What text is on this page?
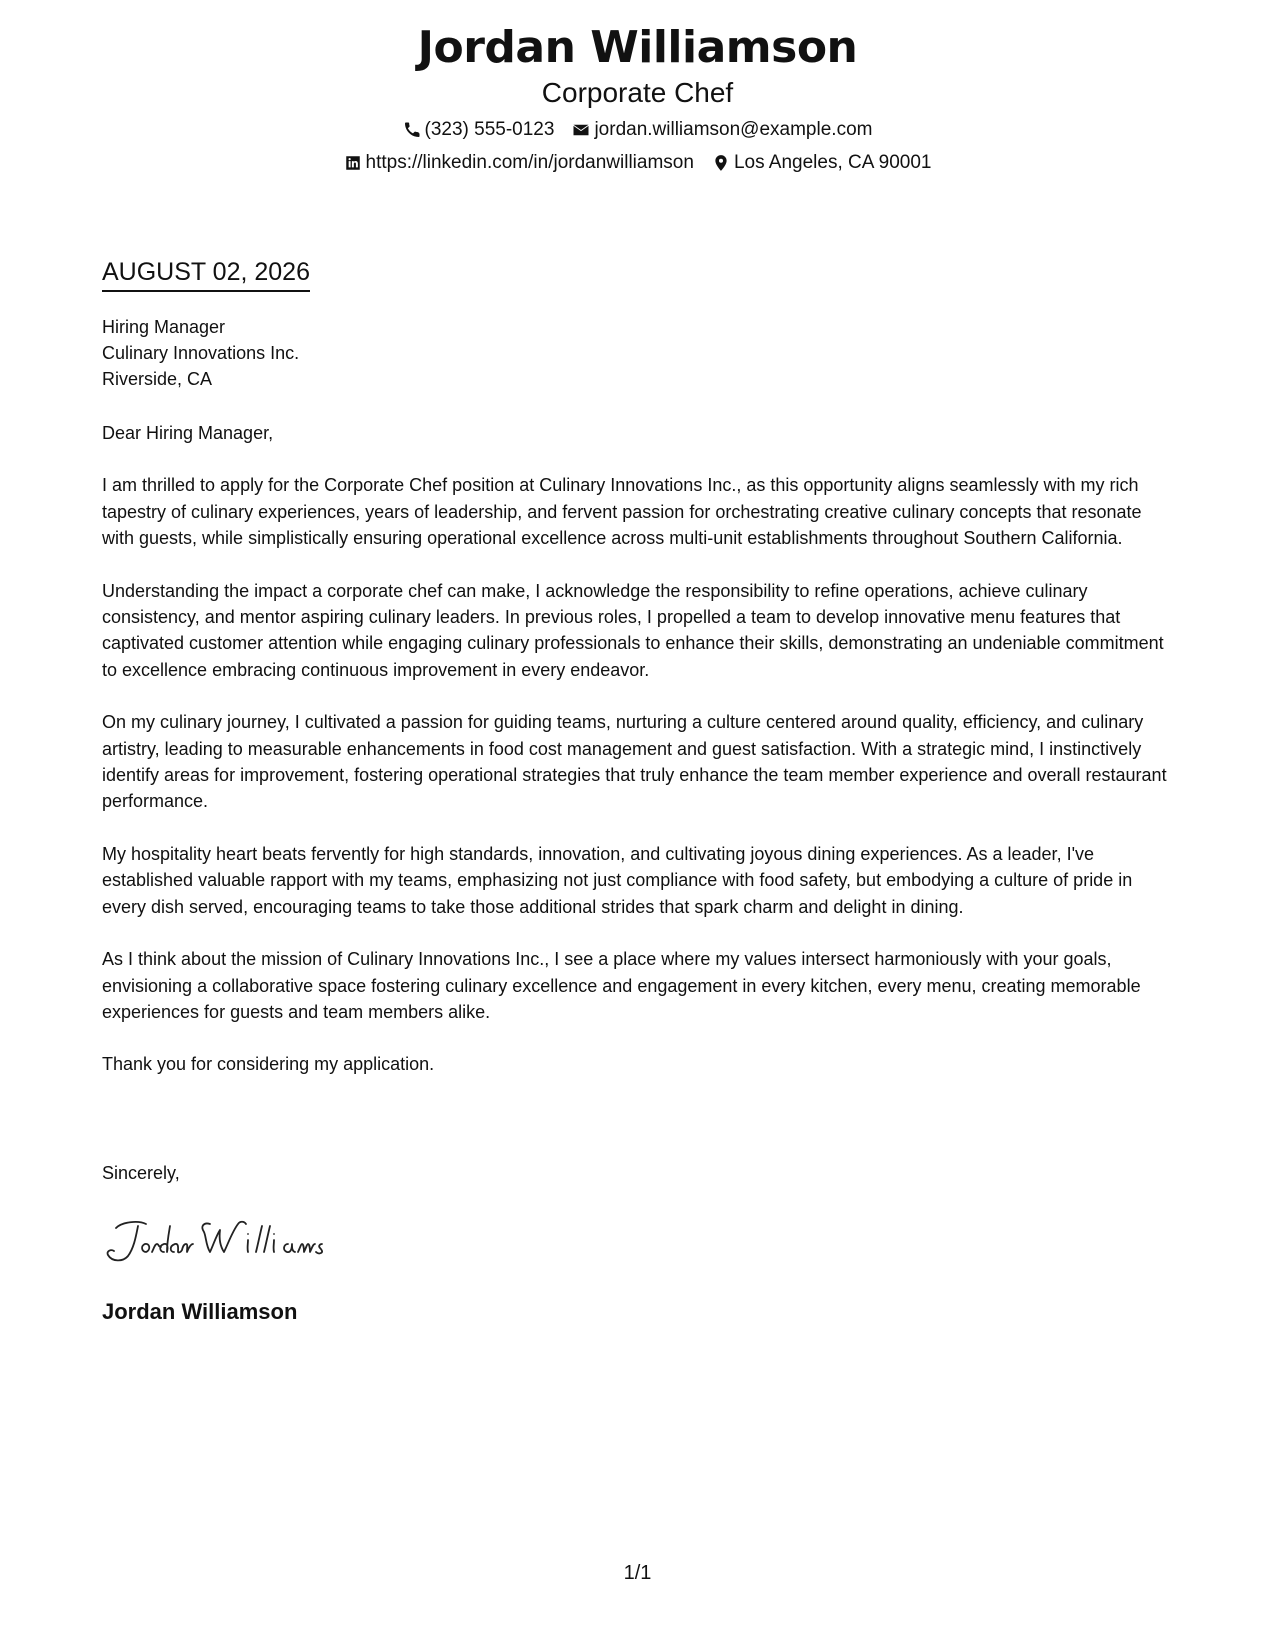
Jordan Williamson
Corporate Chef
(323) 555-0123 jordan.williamson@example.com
https://linkedin.com/in/jordanwilliamson Los Angeles, CA 90001
AUGUST 02, 2026
Hiring Manager
Culinary Innovations Inc.
Riverside, CA

Dear Hiring Manager,

I am thrilled to apply for the Corporate Chef position at Culinary Innovations Inc., as this opportunity aligns seamlessly with my rich tapestry of culinary experiences, years of leadership, and fervent passion for orchestrating creative culinary concepts that resonate with guests, while simplistically ensuring operational excellence across multi-unit establishments throughout Southern California.

Understanding the impact a corporate chef can make, I acknowledge the responsibility to refine operations, achieve culinary consistency, and mentor aspiring culinary leaders. In previous roles, I propelled a team to develop innovative menu features that captivated customer attention while engaging culinary professionals to enhance their skills, demonstrating an undeniable commitment to excellence embracing continuous improvement in every endeavor.

On my culinary journey, I cultivated a passion for guiding teams, nurturing a culture centered around quality, efficiency, and culinary artistry, leading to measurable enhancements in food cost management and guest satisfaction. With a strategic mind, I instinctively identify areas for improvement, fostering operational strategies that truly enhance the team member experience and overall restaurant performance.

My hospitality heart beats fervently for high standards, innovation, and cultivating joyous dining experiences. As a leader, I've established valuable rapport with my teams, emphasizing not just compliance with food safety, but embodying a culture of pride in every dish served, encouraging teams to take those additional strides that spark charm and delight in dining.

As I think about the mission of Culinary Innovations Inc., I see a place where my values intersect harmoniously with your goals, envisioning a collaborative space fostering culinary excellence and engagement in every kitchen, every menu, creating memorable experiences for guests and team members alike.

Thank you for considering my application.

Sincerely,
Jordan Williamson
1/1
